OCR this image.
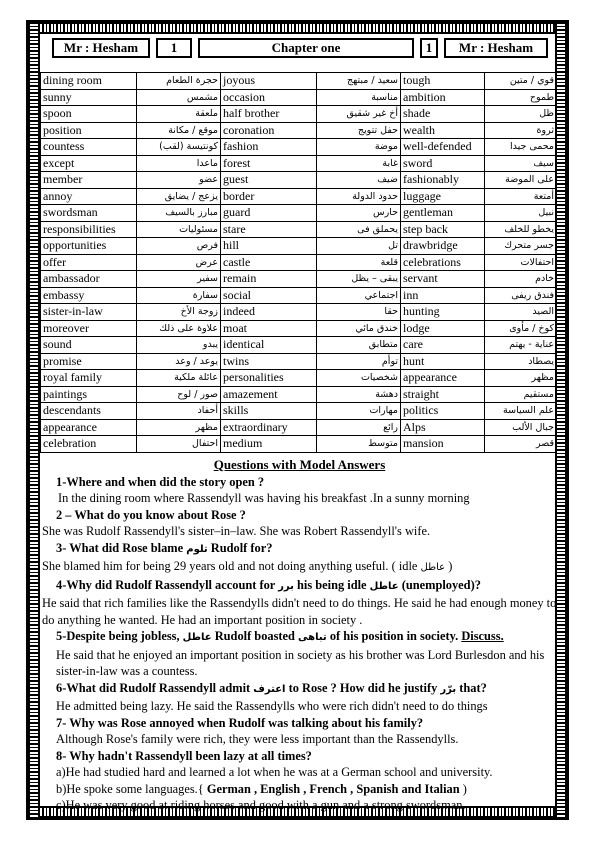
Mr : Hesham	1	Chapter one	1	Mr : Hesham
dining room	حجرة الطعام	joyous	سعيد / مبتهج	tough	قوي / متين
sunny	مشمس	occasion	مناسبة	ambition	طموح
spoon	ملعقة	half brother	أخ غير شقيق	shade	ظل
position	موقع / مكانة	coronation	حفل تتويج	wealth	ثروة
countess	كونتيسة (لقب)	fashion	موضة	well-defended	محمى جيدا
except	ماعدا	forest	غابة	sword	سيف
member	عضو	guest	ضيف	fashionably	على الموضة
annoy	يزعج / يضايق	border	حدود الدولة	luggage	أمتعة
swordsman	مبارز بالسيف	guard	حارس	gentleman	نبيل
responsibilities	مسئوليات	stare	يحملق فى	step back	يخطو للخلف
opportunities	فرص	hill	تل	drawbridge	جسر متحرك
offer	عرض	castle	قلعة	celebrations	احتفالات
ambassador	سفير	remain	يبقى – يظل	servant	خادم
embassy	سفارة	social	اجتماعي	inn	فندق ريفى
sister-in-law	زوجة الأخ	indeed	حقا	hunting	الصيد
moreover	علاوة على ذلك	moat	خندق مائي	lodge	كوخ / مأوى
sound	يبدو	identical	متطابق	care	عناية - يهتم
promise	يوعد / وعد	twins	توأم	hunt	يصطاد
royal family	عائلة ملكية	personalities	شخصيات	appearance	مظهر
paintings	صور / لوح	amazement	دهشة	straight	مستقيم
descendants	أحفاد	skills	مهارات	politics	علم السياسة
appearance	مظهر	extraordinary	رائع	Alps	جبال الألب
celebration	احتفال	medium	متوسط	mansion	قصر
Questions with Model Answers
1-Where and when did the story open ?
In the dining room where Rassendyll was having his breakfast .In a sunny morning
2 – What do you know about Rose ?
She was Rudolf Rassendyll's sister–in–law. She was Robert Rassendyll's wife.
3- What did Rose blame تلوم Rudolf for?
She blamed him for being 29 years old and not doing anything useful. ( idle عاطل )
4-Why did Rudolf Rassendyll account for برر his being idle عاطل (unemployed)?
He said that rich families like the Rassendylls didn't need to do things. He said he had enough money to do anything he wanted. He had an important position in society .
5-Despite being jobless, عاطل Rudolf boasted تباهى of his position in society. Discuss.
He said that he enjoyed an important position in society as his brother was Lord Burlesdon and his sister-in-law was a countess.
6-What did Rudolf Rassendyll admit اعترف to Rose ? How did he justify برّر that?
He admitted being lazy. He said the Rassendylls who were rich didn't need to do things
7- Why was Rose annoyed when Rudolf was talking about his family?
Although Rose's family were rich, they were less important than the Rassendylls.
8- Why hadn't Rassendyll been lazy at all times?
a)He had studied hard and learned a lot when he was at a German school and university.
b)He spoke some languages.{ German , English , French , Spanish and Italian )
c)He was very good at riding horses and good with a gun and a strong swordsman.
